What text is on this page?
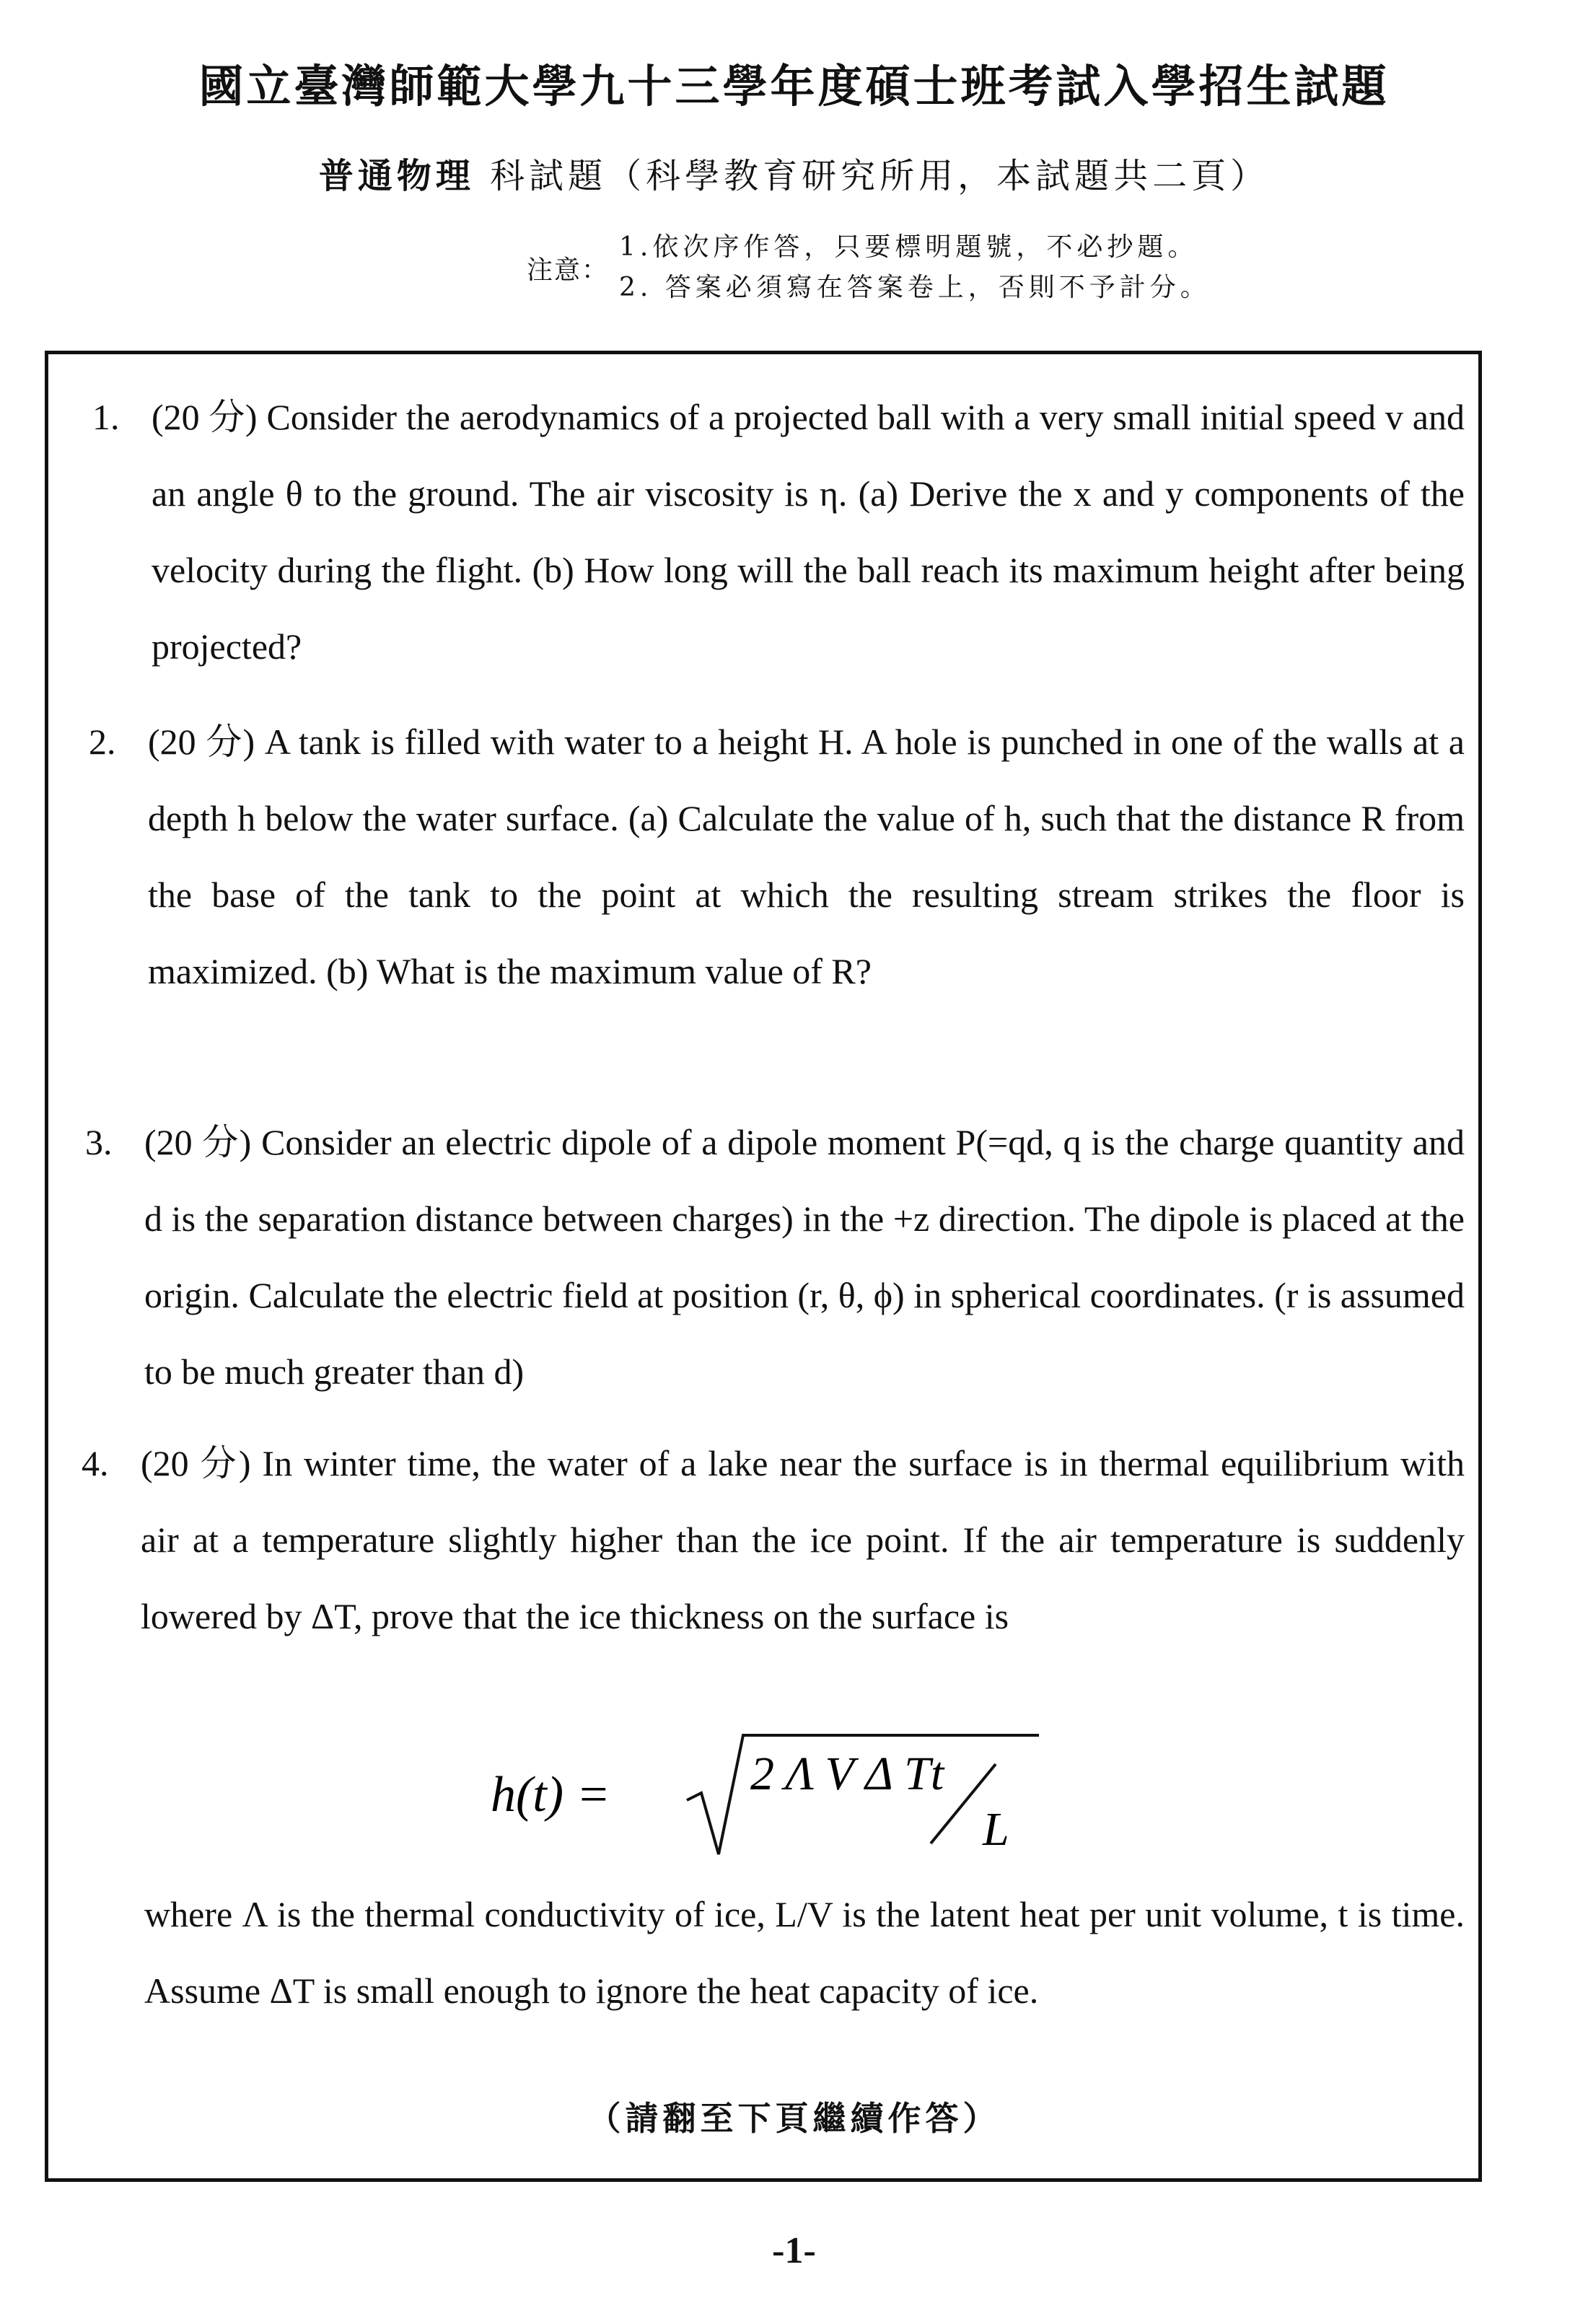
國立臺灣師範大學九十三學年度碩士班考試入學招生試題
普通物理 科試題（科學教育研究所用，本試題共二頁）
注意：
1.依次序作答，只要標明題號，不必抄題。
2. 答案必須寫在答案卷上，否則不予計分。
1. (20 分) Consider the aerodynamics of a projected ball with a very small initial speed v and an angle θ to the ground. The air viscosity is η. (a) Derive the x and y components of the velocity during the flight. (b) How long will the ball reach its maximum height after being projected?

2. (20 分) A tank is filled with water to a height H. A hole is punched in one of the walls at a depth h below the water surface. (a) Calculate the value of h, such that the distance R from the base of the tank to the point at which the resulting stream strikes the floor is maximized. (b) What is the maximum value of R?

3. (20 分) Consider an electric dipole of a dipole moment P(=qd, q is the charge quantity and d is the separation distance between charges) in the +z direction. The dipole is placed at the origin. Calculate the electric field at position (r, θ, ϕ) in spherical coordinates. (r is assumed to be much greater than d)

4. (20 分) In winter time, the water of a lake near the surface is in thermal equilibrium with air at a temperature slightly higher than the ice point. If the air temperature is suddenly lowered by ΔT, prove that the ice thickness on the surface is

h(t) =	2 Λ V Δ Tt
L

where Λ is the thermal conductivity of ice, L/V is the latent heat per unit volume, t is time. Assume ΔT is small enough to ignore the heat capacity of ice.

（請翻至下頁繼續作答）
-1-
